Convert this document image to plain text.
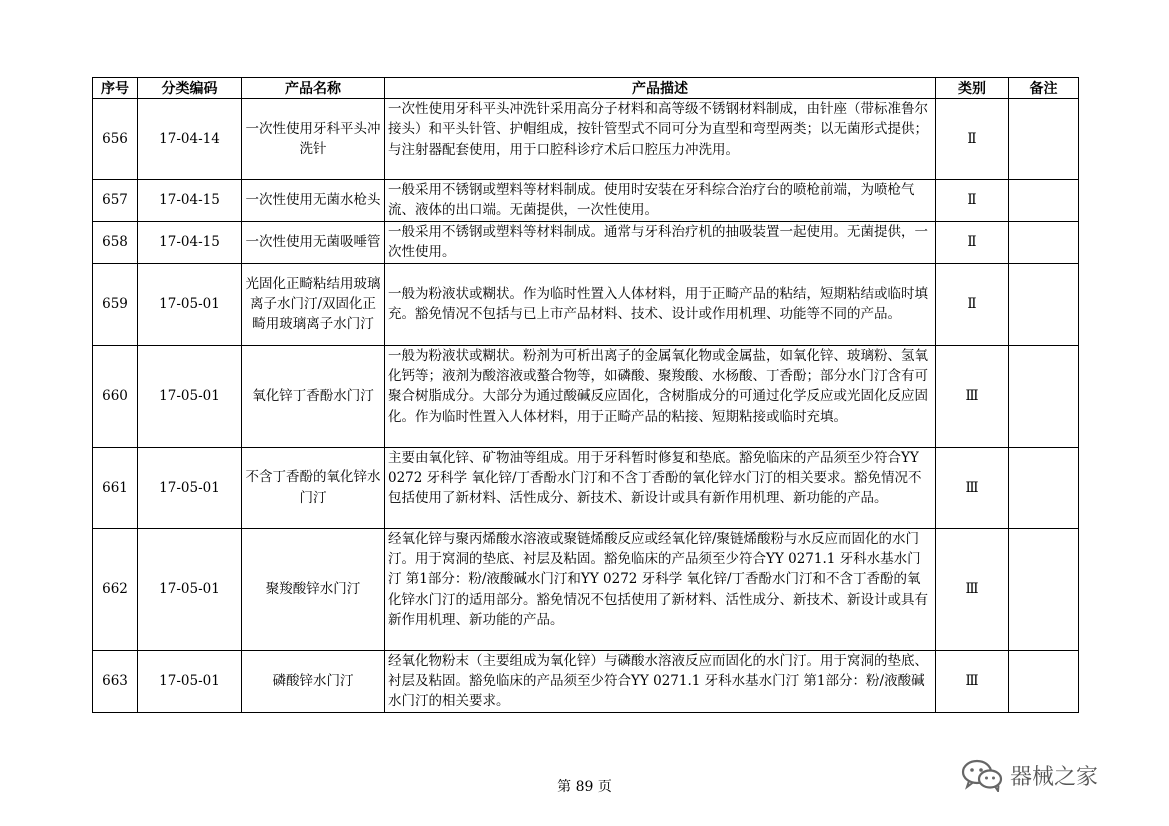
序号	分类编码	产品名称	产品描述	类别	备注
656	17-04-14	一次性使用牙科平头冲洗针	一次性使用牙科平头冲洗针采用高分子材料和高等级不锈钢材料制成，由针座（带标准鲁尔接头）和平头针管、护帽组成，按针管型式不同可分为直型和弯型两类；以无菌形式提供；与注射器配套使用，用于口腔科诊疗术后口腔压力冲洗用。	Ⅱ	
657	17-04-15	一次性使用无菌水枪头	一般采用不锈钢或塑料等材料制成。使用时安装在牙科综合治疗台的喷枪前端，为喷枪气流、液体的出口端。无菌提供，一次性使用。	Ⅱ	
658	17-04-15	一次性使用无菌吸唾管	一般采用不锈钢或塑料等材料制成。通常与牙科治疗机的抽吸装置一起使用。无菌提供，一次性使用。	Ⅱ	
659	17-05-01	光固化正畸粘结用玻璃离子水门汀/双固化正畸用玻璃离子水门汀	一般为粉液状或糊状。作为临时性置入人体材料，用于正畸产品的粘结，短期粘结或临时填充。豁免情况不包括与已上市产品材料、技术、设计或作用机理、功能等不同的产品。	Ⅱ	
660	17-05-01	氧化锌丁香酚水门汀	一般为粉液状或糊状。粉剂为可析出离子的金属氧化物或金属盐，如氧化锌、玻璃粉、氢氧化钙等；液剂为酸溶液或螯合物等，如磷酸、聚羧酸、水杨酸、丁香酚；部分水门汀含有可聚合树脂成分。大部分为通过酸碱反应固化，含树脂成分的可通过化学反应或光固化反应固化。作为临时性置入人体材料，用于正畸产品的粘接、短期粘接或临时充填。	Ⅲ	
661	17-05-01	不含丁香酚的氧化锌水门汀	主要由氧化锌、矿物油等组成。用于牙科暂时修复和垫底。豁免临床的产品须至少符合YY 0272 牙科学 氧化锌/丁香酚水门汀和不含丁香酚的氧化锌水门汀的相关要求。豁免情况不包括使用了新材料、活性成分、新技术、新设计或具有新作用机理、新功能的产品。	Ⅲ	
662	17-05-01	聚羧酸锌水门汀	经氧化锌与聚丙烯酸水溶液或聚链烯酸反应或经氧化锌/聚链烯酸粉与水反应而固化的水门汀。用于窝洞的垫底、衬层及粘固。豁免临床的产品须至少符合YY 0271.1 牙科水基水门汀 第1部分：粉/液酸碱水门汀和YY 0272 牙科学 氧化锌/丁香酚水门汀和不含丁香酚的氧化锌水门汀的适用部分。豁免情况不包括使用了新材料、活性成分、新技术、新设计或具有新作用机理、新功能的产品。	Ⅲ	
663	17-05-01	磷酸锌水门汀	经氧化物粉末（主要组成为氧化锌）与磷酸水溶液反应而固化的水门汀。用于窝洞的垫底、衬层及粘固。豁免临床的产品须至少符合YY 0271.1 牙科水基水门汀 第1部分：粉/液酸碱水门汀的相关要求。	Ⅲ	
第 89 页	器械之家
